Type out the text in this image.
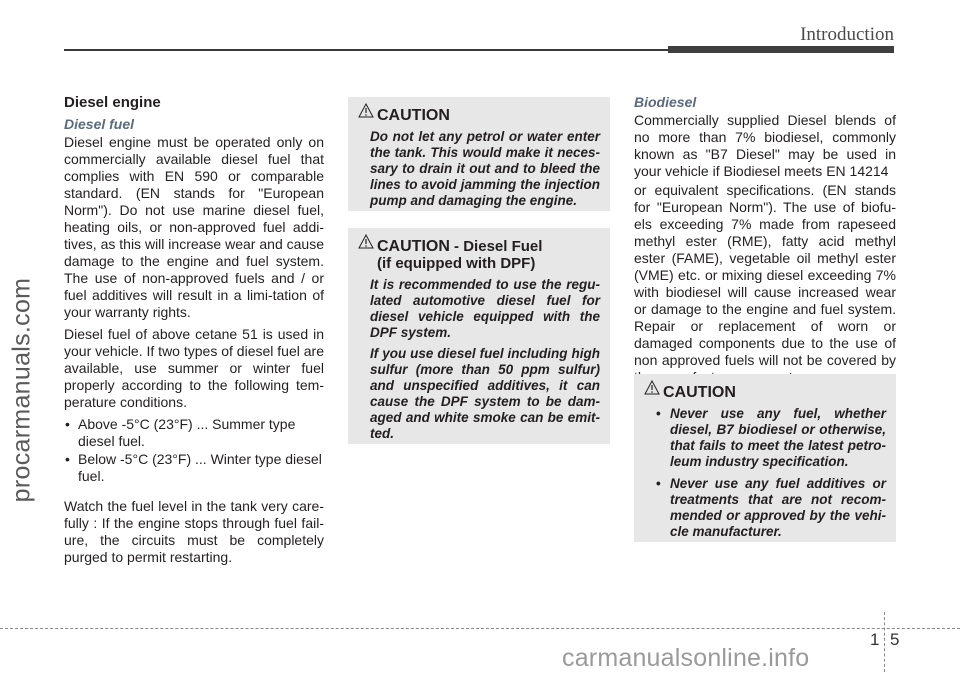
Introduction
procarmanuals.com
Diesel engine
Diesel fuel

Diesel engine must be operated only on commercially available diesel fuel that complies with EN 590 or comparable standard. (EN stands for "European Norm"). Do not use marine diesel fuel, heating oils, or non-approved fuel addi-tives, as this will increase wear and cause damage to the engine and fuel system. The use of non-approved fuels and / or fuel additives will result in a limi-tation of your warranty rights.

Diesel fuel of above cetane 51 is used in your vehicle. If two types of diesel fuel are available, use summer or winter fuel properly according to the following tem-perature conditions.

• Above -5°C (23°F) ... Summer type diesel fuel.
• Below -5°C (23°F) ... Winter type diesel fuel.

Watch the fuel level in the tank very care-fully : If the engine stops through fuel fail-ure, the circuits must be completely purged to permit restarting.

CAUTION
Do not let any petrol or water enter the tank. This would make it neces-sary to drain it out and to bleed the lines to avoid jamming the injection pump and damaging the engine.
CAUTION - Diesel Fuel
(if equipped with DPF)
It is recommended to use the regu-lated automotive diesel fuel for diesel vehicle equipped with the DPF system.
If you use diesel fuel including high sulfur (more than 50 ppm sulfur) and unspecified additives, it can cause the DPF system to be dam-aged and white smoke can be emit-ted.
Biodiesel

Commercially supplied Diesel blends of no more than 7% biodiesel, commonly known as "B7 Diesel" may be used in your vehicle if Biodiesel meets EN 14214

or equivalent specifications. (EN stands for "European Norm"). The use of biofu-els exceeding 7% made from rapeseed methyl ester (RME), fatty acid methyl ester (FAME), vegetable oil methyl ester (VME) etc. or mixing diesel exceeding 7% with biodiesel will cause increased wear or damage to the engine and fuel system. Repair or replacement of worn or damaged components due to the use of non approved fuels will not be covered by

CAUTION
• Never use any fuel, whether diesel, B7 biodiesel or otherwise, that fails to meet the latest petro-leum industry specification.
• Never use any fuel additives or treatments that are not recom-mended or approved by the vehi-cle manufacturer.
1 5
carmanualsonline.info
